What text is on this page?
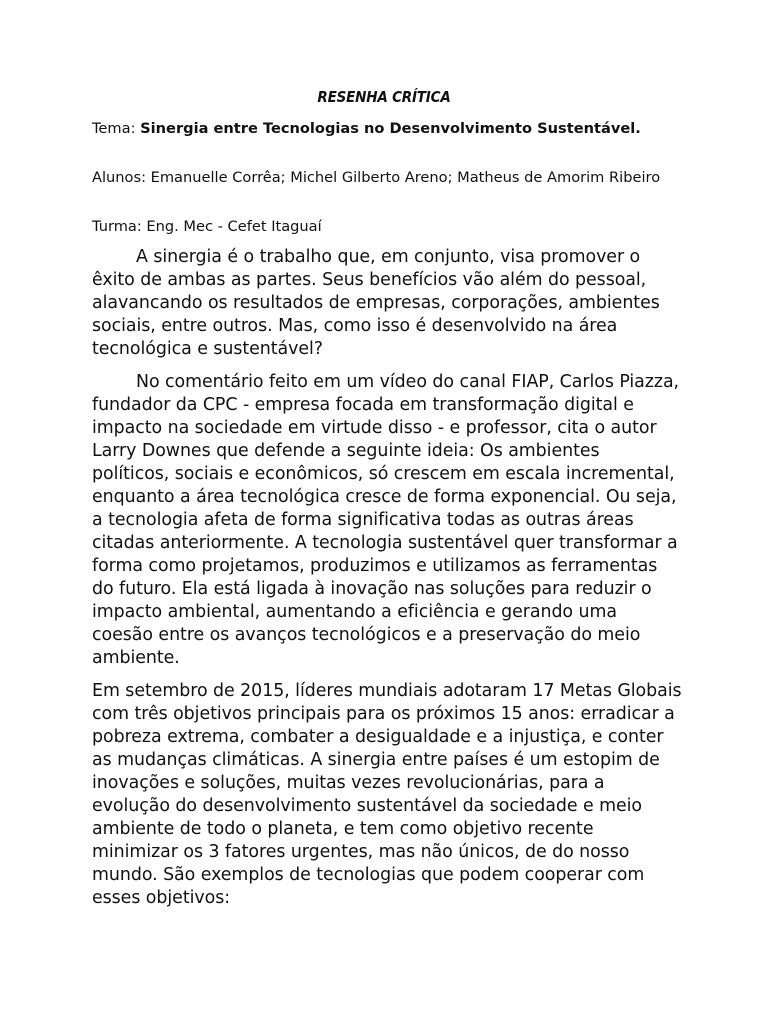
RESENHA CRÍTICA

Tema: Sinergia entre Tecnologias no Desenvolvimento Sustentável.

Alunos: Emanuelle Corrêa; Michel Gilberto Areno; Matheus de Amorim Ribeiro

Turma: Eng. Mec - Cefet Itaguaí

A sinergia é o trabalho que, em conjunto, visa promover o êxito de ambas as partes. Seus benefícios vão além do pessoal, alavancando os resultados de empresas, corporações, ambientes sociais, entre outros. Mas, como isso é desenvolvido na área tecnológica e sustentável?

No comentário feito em um vídeo do canal FIAP, Carlos Piazza, fundador da CPC - empresa focada em transformação digital e impacto na sociedade em virtude disso - e professor, cita o autor Larry Downes que defende a seguinte ideia: Os ambientes políticos, sociais e econômicos, só crescem em escala incremental, enquanto a área tecnológica cresce de forma exponencial. Ou seja, a tecnologia afeta de forma significativa todas as outras áreas citadas anteriormente. A tecnologia sustentável quer transformar a forma como projetamos, produzimos e utilizamos as ferramentas do futuro. Ela está ligada à inovação nas soluções para reduzir o impacto ambiental, aumentando a eficiência e gerando uma coesão entre os avanços tecnológicos e a preservação do meio ambiente.

Em setembro de 2015, líderes mundiais adotaram 17 Metas Globais com três objetivos principais para os próximos 15 anos: erradicar a pobreza extrema, combater a desigualdade e a injustiça, e conter as mudanças climáticas. A sinergia entre países é um estopim de inovações e soluções, muitas vezes revolucionárias, para a evolução do desenvolvimento sustentável da sociedade e meio ambiente de todo o planeta, e tem como objetivo recente minimizar os 3 fatores urgentes, mas não únicos, de do nosso mundo. São exemplos de tecnologias que podem cooperar com esses objetivos:
